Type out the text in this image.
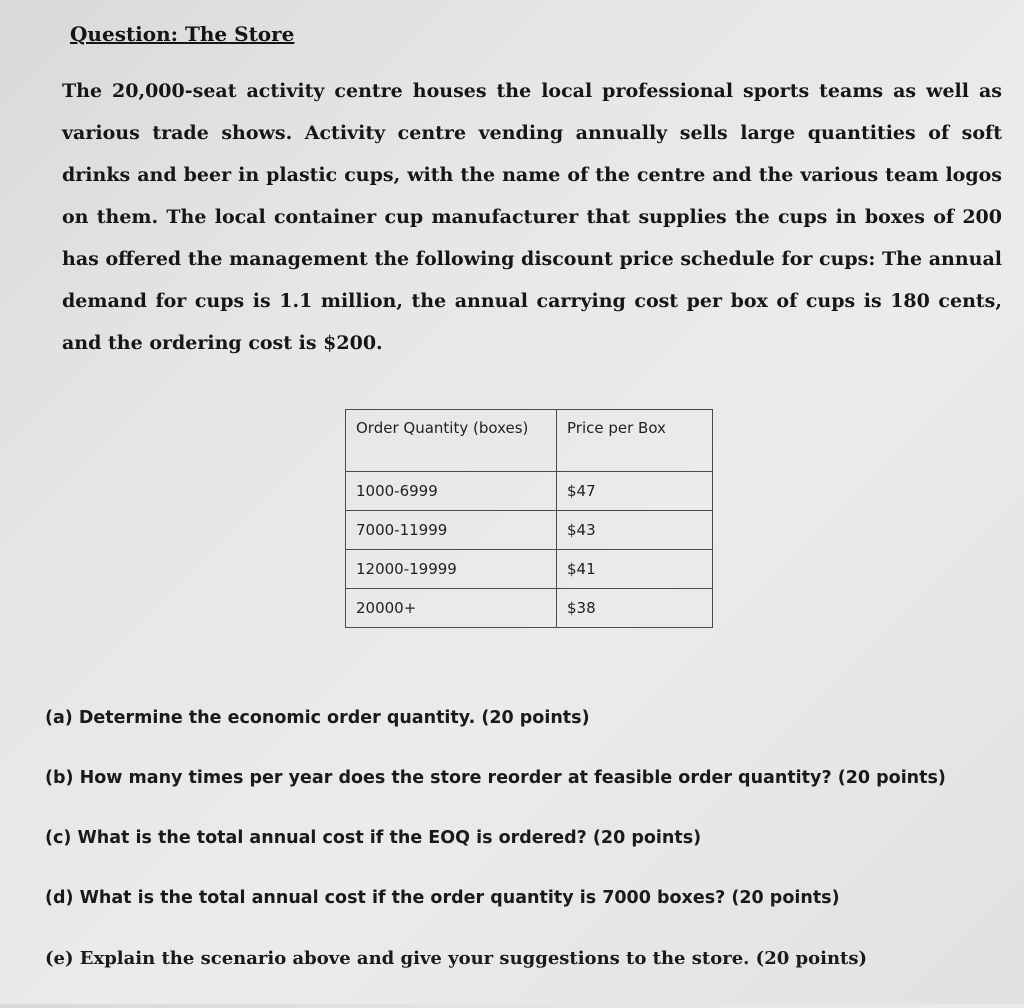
Question: The Store
The 20,000-seat activity centre houses the local professional sports teams as well as various trade shows. Activity centre vending annually sells large quantities of soft drinks and beer in plastic cups, with the name of the centre and the various team logos on them. The local container cup manufacturer that supplies the cups in boxes of 200 has offered the management the following discount price schedule for cups: The annual demand for cups is 1.1 million, the annual carrying cost per box of cups is 180 cents, and the ordering cost is $200.
Order Quantity (boxes)	Price per Box
1000-6999	$47
7000-11999	$43
12000-19999	$41
20000+	$38
(a) Determine the economic order quantity. (20 points)
(b) How many times per year does the store reorder at feasible order quantity? (20 points)
(c) What is the total annual cost if the EOQ is ordered? (20 points)
(d) What is the total annual cost if the order quantity is 7000 boxes? (20 points)
(e) Explain the scenario above and give your suggestions to the store. (20 points)
